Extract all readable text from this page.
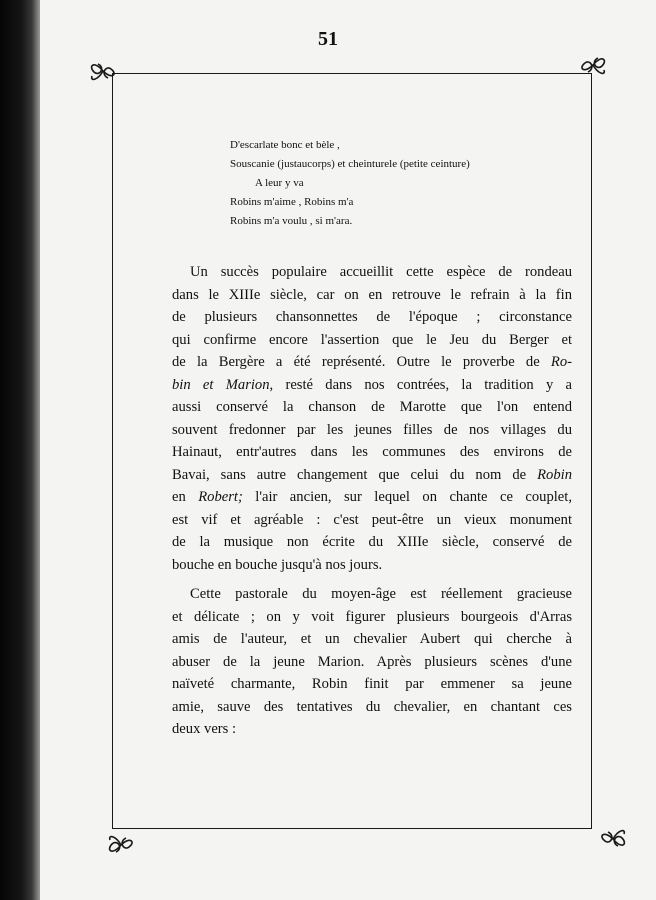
51
D'escarlate bonc et bèle ,
Souscanie (justaucorps) et cheinturele (petite ceinture)
A leur y va
Robins m'aime , Robins m'a
Robins m'a voulu , si m'ara.
Un succès populaire accueillit cette espèce de rondeau
dans le XIIIe siècle, car on en retrouve le refrain à la fin
de plusieurs chansonnettes de l'époque ; circonstance
qui confirme encore l'assertion que le Jeu du Berger et
de la Bergère a été représenté. Outre le proverbe de Ro-
bin et Marion, resté dans nos contrées, la tradition y a
aussi conservé la chanson de Marotte que l'on entend
souvent fredonner par les jeunes filles de nos villages du
Hainaut, entr'autres dans les communes des environs de
Bavai, sans autre changement que celui du nom de Robin
en Robert; l'air ancien, sur lequel on chante ce couplet,
est vif et agréable : c'est peut-être un vieux monument
de la musique non écrite du XIIIe siècle, conservé de
bouche en bouche jusqu'à nos jours.
Cette pastorale du moyen-âge est réellement gracieuse
et délicate ; on y voit figurer plusieurs bourgeois d'Arras
amis de l'auteur, et un chevalier Aubert qui cherche à
abuser de la jeune Marion. Après plusieurs scènes d'une
naïveté charmante, Robin finit par emmener sa jeune
amie, sauve des tentatives du chevalier, en chantant ces
deux vers :
